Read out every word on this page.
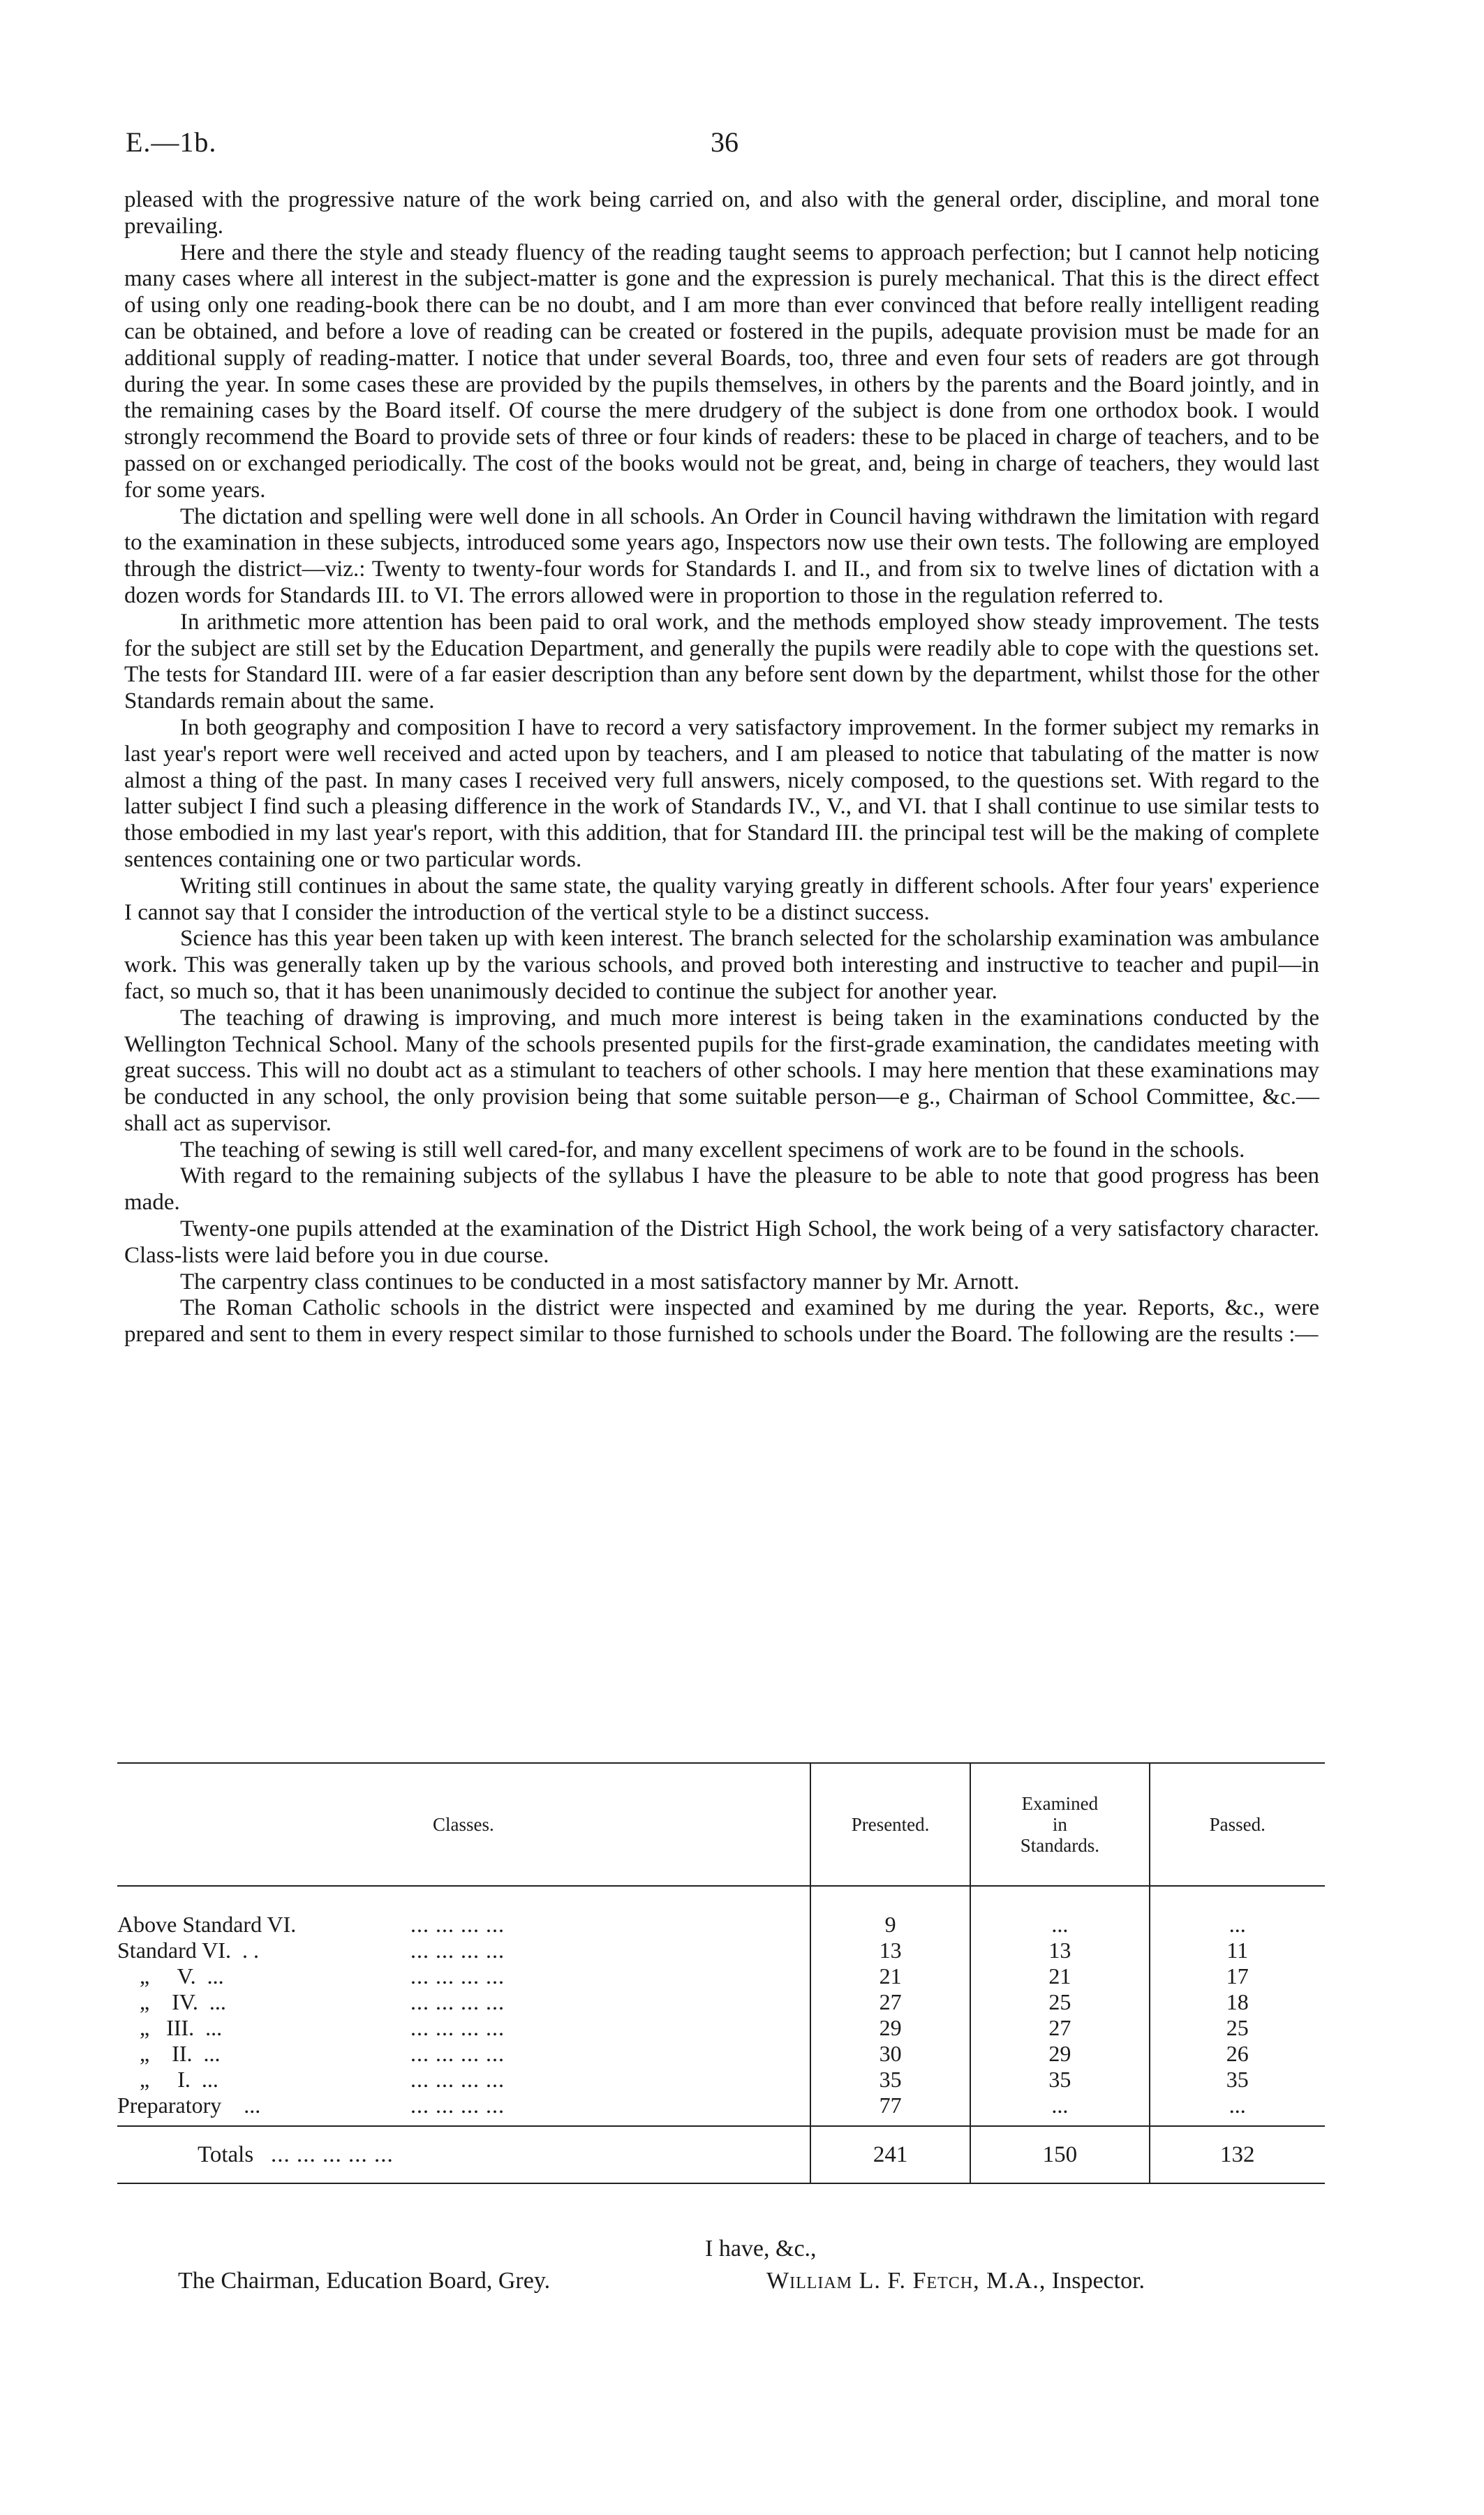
E.—1b.	36

pleased with the progressive nature of the work being carried on, and also with the general order, discipline, and moral tone prevailing.

Here and there the style and steady fluency of the reading taught seems to approach perfection; but I cannot help noticing many cases where all interest in the subject-matter is gone and the expression is purely mechanical. That this is the direct effect of using only one reading-book there can be no doubt, and I am more than ever convinced that before really intelligent reading can be obtained, and before a love of reading can be created or fostered in the pupils, adequate provision must be made for an additional supply of reading-matter. I notice that under several Boards, too, three and even four sets of readers are got through during the year. In some cases these are provided by the pupils themselves, in others by the parents and the Board jointly, and in the remaining cases by the Board itself. Of course the mere drudgery of the subject is done from one orthodox book. I would strongly recommend the Board to provide sets of three or four kinds of readers: these to be placed in charge of teachers, and to be passed on or exchanged periodically. The cost of the books would not be great, and, being in charge of teachers, they would last for some years.

The dictation and spelling were well done in all schools. An Order in Council having withdrawn the limitation with regard to the examination in these subjects, introduced some years ago, Inspectors now use their own tests. The following are employed through the district—viz.: Twenty to twenty-four words for Standards I. and II., and from six to twelve lines of dictation with a dozen words for Standards III. to VI. The errors allowed were in proportion to those in the regulation referred to.

In arithmetic more attention has been paid to oral work, and the methods employed show steady improvement. The tests for the subject are still set by the Education Department, and generally the pupils were readily able to cope with the questions set. The tests for Standard III. were of a far easier description than any before sent down by the department, whilst those for the other Standards remain about the same.

In both geography and composition I have to record a very satisfactory improvement. In the former subject my remarks in last year's report were well received and acted upon by teachers, and I am pleased to notice that tabulating of the matter is now almost a thing of the past. In many cases I received very full answers, nicely composed, to the questions set. With regard to the latter subject I find such a pleasing difference in the work of Standards IV., V., and VI. that I shall continue to use similar tests to those embodied in my last year's report, with this addition, that for Standard III. the principal test will be the making of complete sentences containing one or two particular words.

Writing still continues in about the same state, the quality varying greatly in different schools. After four years' experience I cannot say that I consider the introduction of the vertical style to be a distinct success.

Science has this year been taken up with keen interest. The branch selected for the scholarship examination was ambulance work. This was generally taken up by the various schools, and proved both interesting and instructive to teacher and pupil—in fact, so much so, that it has been unanimously decided to continue the subject for another year.

The teaching of drawing is improving, and much more interest is being taken in the examinations conducted by the Wellington Technical School. Many of the schools presented pupils for the first-grade examination, the candidates meeting with great success. This will no doubt act as a stimulant to teachers of other schools. I may here mention that these examinations may be conducted in any school, the only provision being that some suitable person—e g., Chairman of School Committee, &c.—shall act as supervisor.

The teaching of sewing is still well cared-for, and many excellent specimens of work are to be found in the schools.

With regard to the remaining subjects of the syllabus I have the pleasure to be able to note that good progress has been made.

Twenty-one pupils attended at the examination of the District High School, the work being of a very satisfactory character. Class-lists were laid before you in due course.

The carpentry class continues to be conducted in a most satisfactory manner by Mr. Arnott.

The Roman Catholic schools in the district were inspected and examined by me during the year. Reports, &c., were prepared and sent to them in every respect similar to those furnished to schools under the Board. The following are the results :—

Classes.	Presented.	Examined
in
Standards.	Passed.

Above Standard VI. ... ... ... ...	9	...	...
Standard VI.  . . ... ... ... ...	13	13	11
„     V.  ... ... ... ... ...	21	21	17
„    IV.  ... ... ... ... ...	27	25	18
„   III.  ... ... ... ... ...	29	27	25
„    II.  ... ... ... ... ...	30	29	26
„     I.  ... ... ... ... ...	35	35	35
Preparatory    ... ... ... ... ...	77	...	...

Totals ... ... ... ... ...	241	150	132
I have, &c.,
The Chairman, Education Board, Grey.	William L. F. Fetch, M.A., Inspector.
